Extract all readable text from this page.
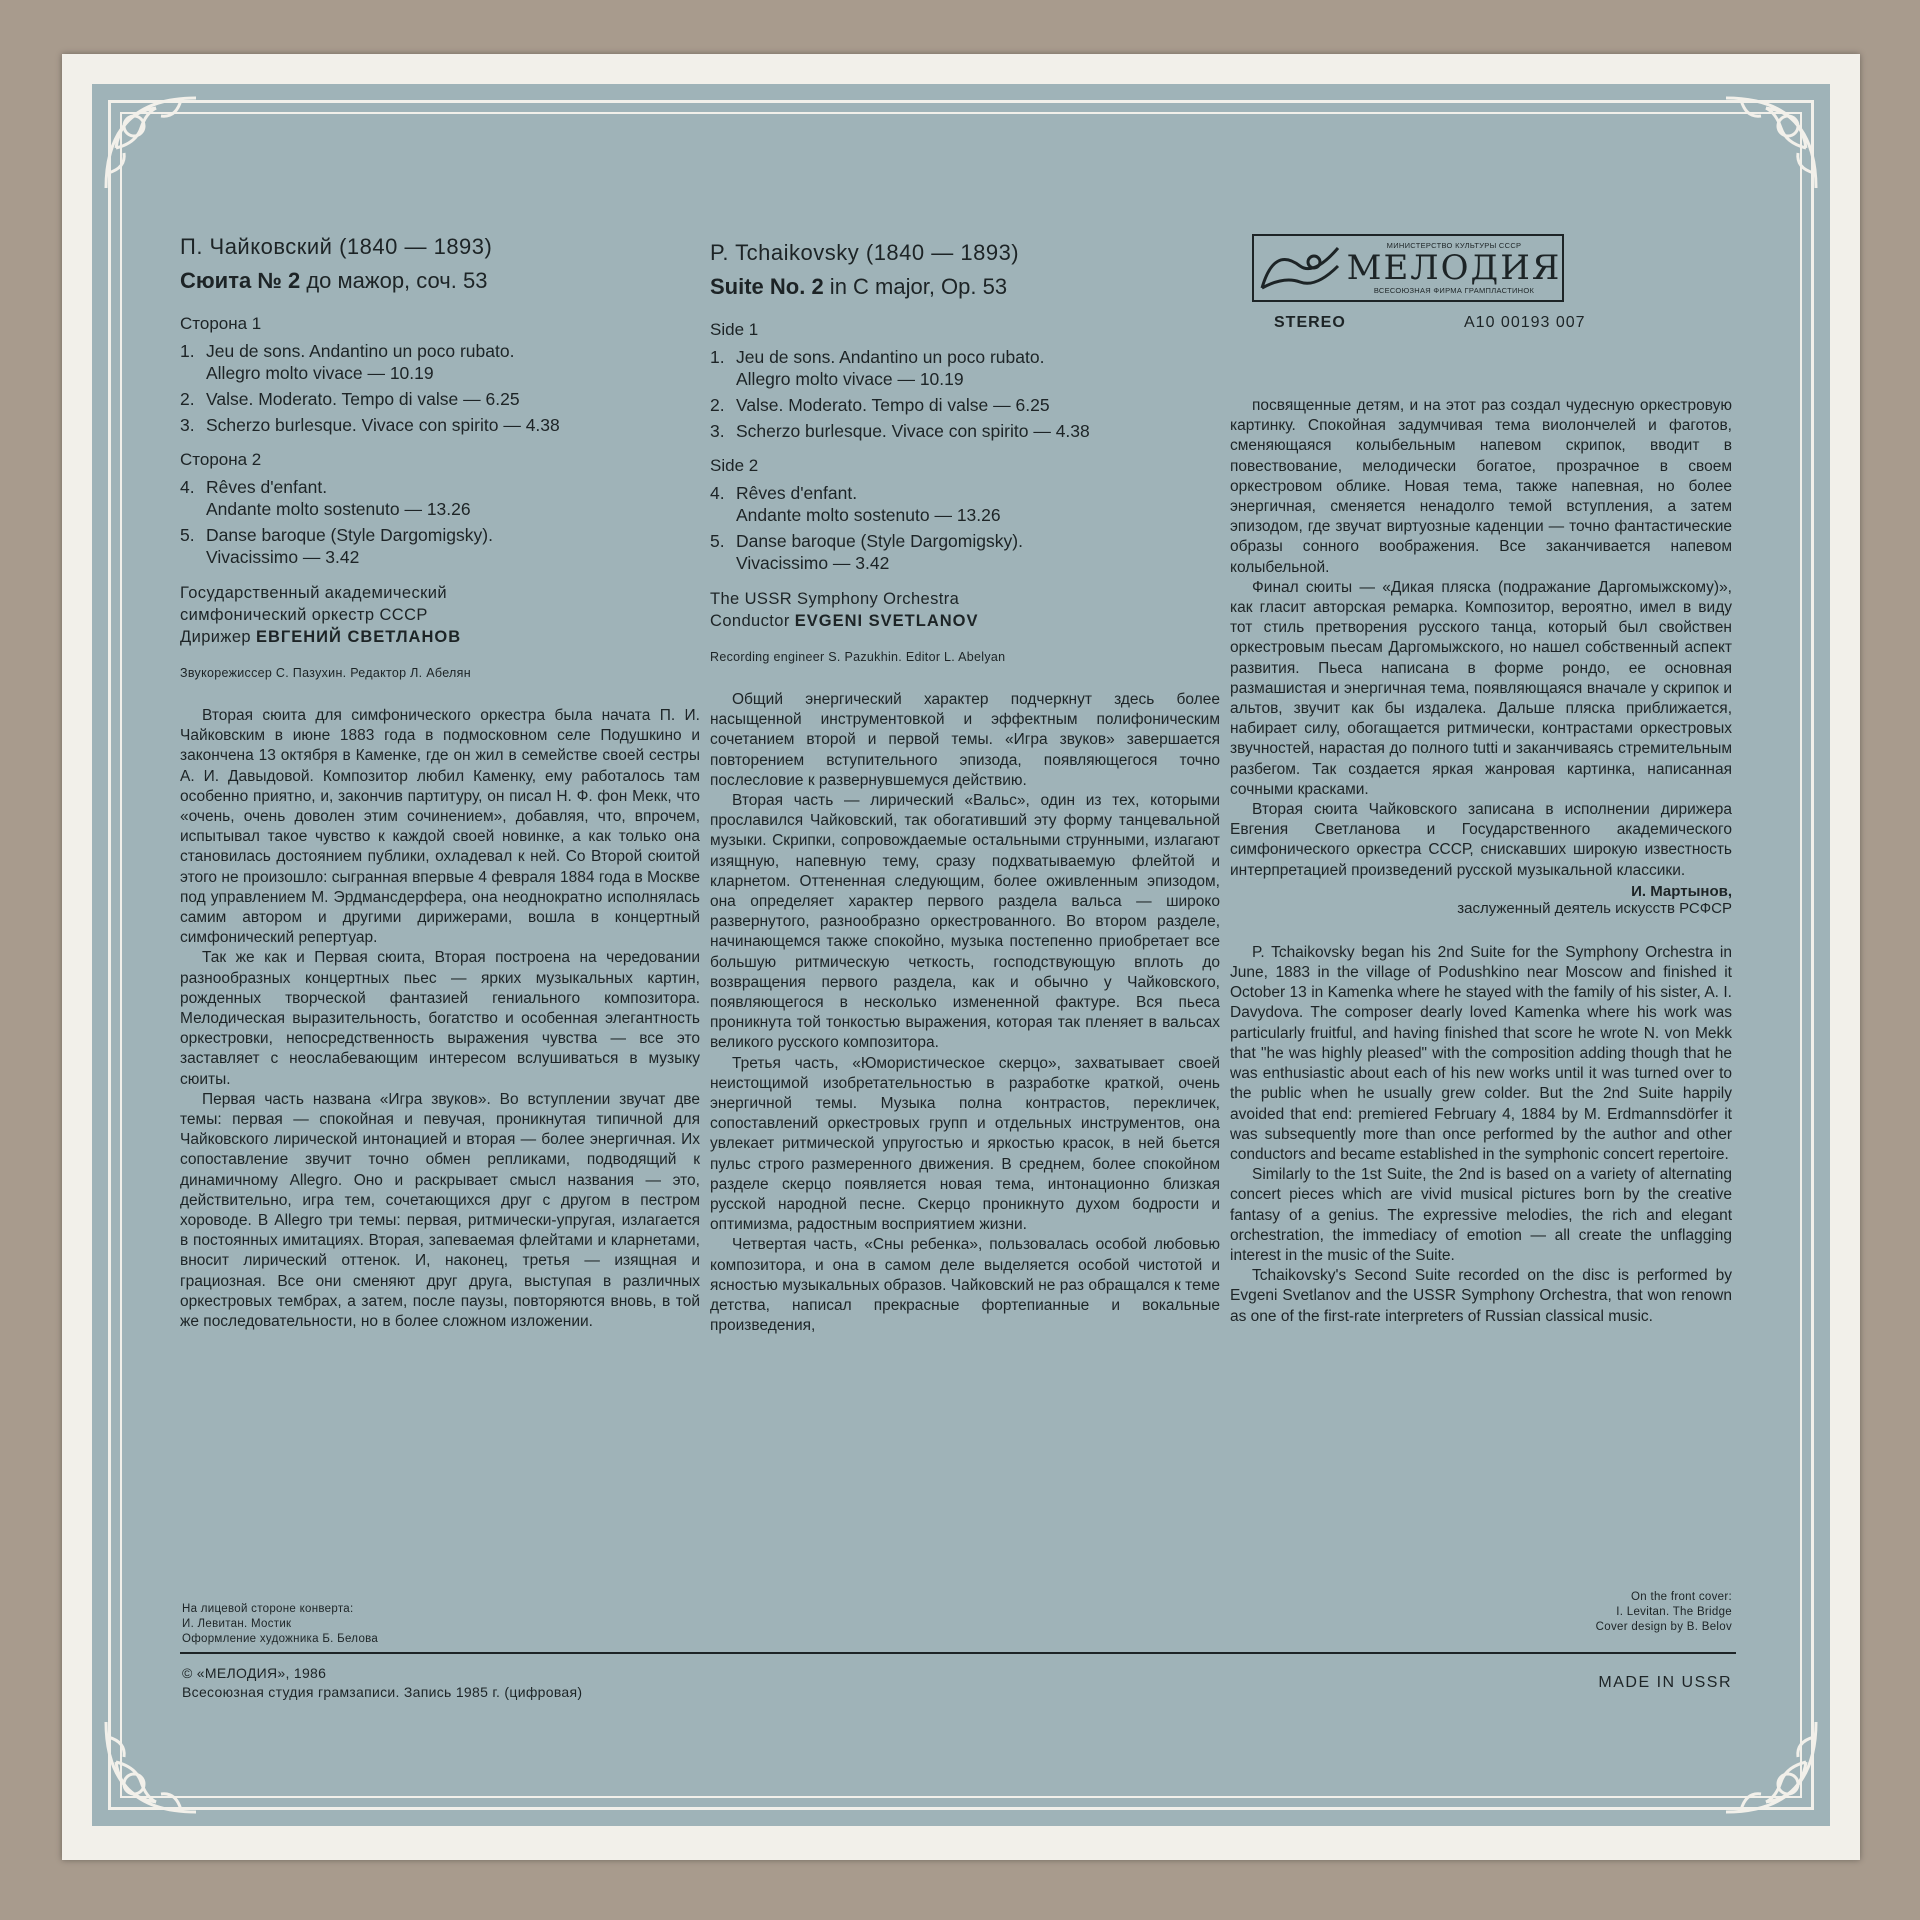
П. Чайковский (1840 — 1893)
Сюита № 2 до мажор, соч. 53
Сторона 1
1. Jeu de sons. Andantino un poco rubato.
Allegro molto vivace — 10.19
2. Valse. Moderato. Tempo di valse — 6.25
3. Scherzo burlesque. Vivace con spirito — 4.38
Сторона 2
4. Rêves d'enfant.
Andante molto sostenuto — 13.26
5. Danse baroque (Style Dargomigsky).
Vivacissimo — 3.42
Государственный академический
симфонический оркестр СССР
Дирижер ЕВГЕНИЙ СВЕТЛАНОВ
Звукорежиссер С. Пазухин. Редактор Л. Абелян

Вторая сюита для симфонического оркестра была начата П. И. Чайковским в июне 1883 года в подмосковном селе Подушкино и закончена 13 октября в Каменке, где он жил в семействе своей сестры А. И. Давыдовой. Композитор любил Каменку, ему работалось там особенно приятно, и, закончив партитуру, он писал Н. Ф. фон Мекк, что «очень, очень доволен этим сочинением», добавляя, что, впрочем, испытывал такое чувство к каждой своей новинке, а как только она становилась достоянием публики, охладевал к ней. Со Второй сюитой этого не произошло: сыгранная впервые 4 февраля 1884 года в Москве под управлением М. Эрдмансдерфера, она неоднократно исполнялась самим автором и другими дирижерами, вошла в концертный симфонический репертуар.

Так же как и Первая сюита, Вторая построена на чередовании разнообразных концертных пьес — ярких музыкальных картин, рожденных творческой фантазией гениального композитора. Мелодическая выразительность, богатство и особенная элегантность оркестровки, непосредственность выражения чувства — все это заставляет с неослабевающим интересом вслушиваться в музыку сюиты.

Первая часть названа «Игра звуков». Во вступлении звучат две темы: первая — спокойная и певучая, проникнутая типичной для Чайковского лирической интонацией и вторая — более энергичная. Их сопоставление звучит точно обмен репликами, подводящий к динамичному Allegro. Оно и раскрывает смысл названия — это, действительно, игра тем, сочетающихся друг с другом в пестром хороводе. В Allegro три темы: первая, ритмически-упругая, излагается в постоянных имитациях. Вторая, запеваемая флейтами и кларнетами, вносит лирический оттенок. И, наконец, третья — изящная и грациозная. Все они сменяют друг друга, выступая в различных оркестровых тембрах, а затем, после паузы, повторяются вновь, в той же последовательности, но в более сложном изложении.

P. Tchaikovsky (1840 — 1893)
Suite No. 2 in C major, Op. 53
Side 1
1. Jeu de sons. Andantino un poco rubato.
Allegro molto vivace — 10.19
2. Valse. Moderato. Tempo di valse — 6.25
3. Scherzo burlesque. Vivace con spirito — 4.38
Side 2
4. Rêves d'enfant.
Andante molto sostenuto — 13.26
5. Danse baroque (Style Dargomigsky).
Vivacissimo — 3.42
The USSR Symphony Orchestra
Conductor EVGENI SVETLANOV
Recording engineer S. Pazukhin. Editor L. Abelyan

Общий энергический характер подчеркнут здесь более насыщенной инструментовкой и эффектным полифоническим сочетанием второй и первой темы. «Игра звуков» завершается повторением вступительного эпизода, появляющегося точно послесловие к развернувшемуся действию.

Вторая часть — лирический «Вальс», один из тех, которыми прославился Чайковский, так обогативший эту форму танцевальной музыки. Скрипки, сопровождаемые остальными струнными, излагают изящную, напевную тему, сразу подхватываемую флейтой и кларнетом. Оттененная следующим, более оживленным эпизодом, она определяет характер первого раздела вальса — широко развернутого, разнообразно оркестрованного. Во втором разделе, начинающемся также спокойно, музыка постепенно приобретает все большую ритмическую четкость, господствующую вплоть до возвращения первого раздела, как и обычно у Чайковского, появляющегося в несколько измененной фактуре. Вся пьеса проникнута той тонкостью выражения, которая так пленяет в вальсах великого русского композитора.

Третья часть, «Юмористическое скерцо», захватывает своей неистощимой изобретательностью в разработке краткой, очень энергичной темы. Музыка полна контрастов, перекличек, сопоставлений оркестровых групп и отдельных инструментов, она увлекает ритмической упругостью и яркостью красок, в ней бьется пульс строго размеренного движения. В среднем, более спокойном разделе скерцо появляется новая тема, интонационно близкая русской народной песне. Скерцо проникнуто духом бодрости и оптимизма, радостным восприятием жизни.

Четвертая часть, «Сны ребенка», пользовалась особой любовью композитора, и она в самом деле выделяется особой чистотой и ясностью музыкальных образов. Чайковский не раз обращался к теме детства, написал прекрасные фортепианные и вокальные произведения,

МИНИСТЕРСТВО КУЛЬТУРЫ СССР
МЕЛОДИЯ
ВСЕСОЮЗНАЯ ФИРМА ГРАМПЛАСТИНОК
STEREO	А10 00193 007

посвященные детям, и на этот раз создал чудесную оркестровую картинку. Спокойная задумчивая тема виолончелей и фаготов, сменяющаяся колыбельным напевом скрипок, вводит в повествование, мелодически богатое, прозрачное в своем оркестровом облике. Новая тема, также напевная, но более энергичная, сменяется ненадолго темой вступления, а затем эпизодом, где звучат виртуозные каденции — точно фантастические образы сонного воображения. Все заканчивается напевом колыбельной.

Финал сюиты — «Дикая пляска (подражание Даргомыжскому)», как гласит авторская ремарка. Композитор, вероятно, имел в виду тот стиль претворения русского танца, который был свойствен оркестровым пьесам Даргомыжского, но нашел собственный аспект развития. Пьеса написана в форме рондо, ее основная размашистая и энергичная тема, появляющаяся вначале у скрипок и альтов, звучит как бы издалека. Дальше пляска приближается, набирает силу, обогащается ритмически, контрастами оркестровых звучностей, нарастая до полного tutti и заканчиваясь стремительным разбегом. Так создается яркая жанровая картинка, написанная сочными красками.

Вторая сюита Чайковского записана в исполнении дирижера Евгения Светланова и Государственного академического симфонического оркестра СССР, снискавших широкую известность интерпретацией произведений русской музыкальной классики.

И. Мартынов,
заслуженный деятель искусств РСФСР

P. Tchaikovsky began his 2nd Suite for the Symphony Orchestra in June, 1883 in the village of Podushkino near Moscow and finished it October 13 in Kamenka where he stayed with the family of his sister, A. I. Davydova. The composer dearly loved Kamenka where his work was particularly fruitful, and having finished that score he wrote N. von Mekk that "he was highly pleased" with the composition adding though that he was enthusiastic about each of his new works until it was turned over to the public when he usually grew colder. But the 2nd Suite happily avoided that end: premiered February 4, 1884 by M. Erdmannsdörfer it was subsequently more than once performed by the author and other conductors and became established in the symphonic concert repertoire.

Similarly to the 1st Suite, the 2nd is based on a variety of alternating concert pieces which are vivid musical pictures born by the creative fantasy of a genius. The expressive melodies, the rich and elegant orchestration, the immediacy of emotion — all create the unflagging interest in the music of the Suite.

Tchaikovsky's Second Suite recorded on the disc is performed by Evgeni Svetlanov and the USSR Symphony Orchestra, that won renown as one of the first-rate interpreters of Russian classical music.

На лицевой стороне конверта:
И. Левитан. Мостик
Оформление художника Б. Белова
On the front cover:
I. Levitan. The Bridge
Cover design by B. Belov
© «МЕЛОДИЯ», 1986
Всесоюзная студия грамзаписи. Запись 1985 г. (цифровая)
MADE IN USSR
